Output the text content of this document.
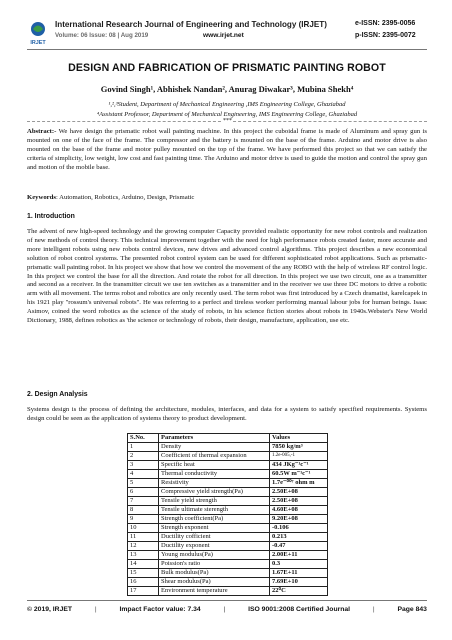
IRJET
International Research Journal of Engineering and Technology (IRJET)	e-ISSN: 2395-0056
Volume: 06 Issue: 08 | Aug 2019	www.irjet.net	p-ISSN: 2395-0072
DESIGN AND FABRICATION OF PRISMATIC PAINTING ROBOT
Govind Singh¹, Abhishek Nandan², Anurag Diwakar³, Mubina Shekh⁴
¹,²,³Student, Department of Mechanical Engineering ,IMS Engineering College, Ghaziabad
⁴Assistant Professor, Department of Mechanical Engineering, IMS Engineering College, Ghaziabad
***

Abstract:- We have design the prismatic robot wall painting machine. In this project the cuboidal frame is made of Aluminum and spray gun is mounted on one of the face of the frame. The compressor and the battery is mounted on the base of the frame. Arduino and motor drive is also mounted on the base of the frame and motor pulley mounted on the top of the frame. We have performed this project so that we can satisfy the criteria of simplicity, low weight, low cost and fast painting time. The Arduino and motor drive is used to guide the motion and control the spray gun and motion of the mobile base.

Keywords: Automation, Robotics, Arduino, Design, Prismatic

1. Introduction

The advent of new high-speed technology and the growing computer Capacity provided realistic opportunity for new robot controls and realization of new methods of control theory. This technical improvement together with the need for high performance robots created faster, more accurate and more intelligent robots using new robots control devices, new drives and advanced control algorithms. This project describes a new economical solution of robot control systems. The presented robot control system can be used for different sophisticated robot applications. Such as prismatic-prismatic wall painting robot. In his project we show that how we control the movement of the any ROBO with the help of wireless RF control logic. In this project we control the base for all the direction. And rotate the robot for all direction. In this project we use two circuit, one as a transmitter and second as a receiver. In the transmitter circuit we use ten switches as a transmitter and in the receiver we use three DC motors to drive a robotic arm with all movement. The terms robot and robotics are only recently used. The term robot was first introduced by a Czech dramatist, karelcapek in his 1921 play "rossum's universal robots". He was referring to a perfect and tireless worker performing manual labour jobs for human beings. Isaac Asimov, coined the word robotics as the science of the study of robots, in his science fiction stories about robots in 1940s.Webster's New World Dictionary, 1988, defines robotics as 'the science or technology of robots, their design, manufacture, application, use etc.

2. Design Analysis

Systems design is the process of defining the architecture, modules, interfaces, and data for a system to satisfy specified requirements. Systems design could be seen as the application of systems theory to product development.

S.No.	Parameters	Values
1	Density	7850 kg/m³
2	Coefficient of thermal expansion	1.2e-005,-1
3	Specific heat	434 JKg⁻¹c⁻¹
4	Thermal conductivity	60.5W m⁻¹c⁻¹
5	Resistivity	1.7e⁻⁰⁰⁷ ohm m
6	Compressive yield strength(Pa)	2.50E+08
7	Tensile yield strength	2.50E+08
8	Tensile ultimate sterength	4.60E+08
9	Strength coefficient(Pa)	9.20E+08
10	Strength exponent	-0.106
11	Ductility cofficient	0.213
12	Ductility exponent	-0.47
13	Young modulus(Pa)	2.00E+11
14	Poission's ratio	0.3
15	Bulk modulus(Pa)	1.67E+11
16	Shear modulus(Pa)	7.69E+10
17	Environment temperature	22⁰C
© 2019, IRJET	|	Impact Factor value: 7.34	|	ISO 9001:2008 Certified Journal	|	Page 843
